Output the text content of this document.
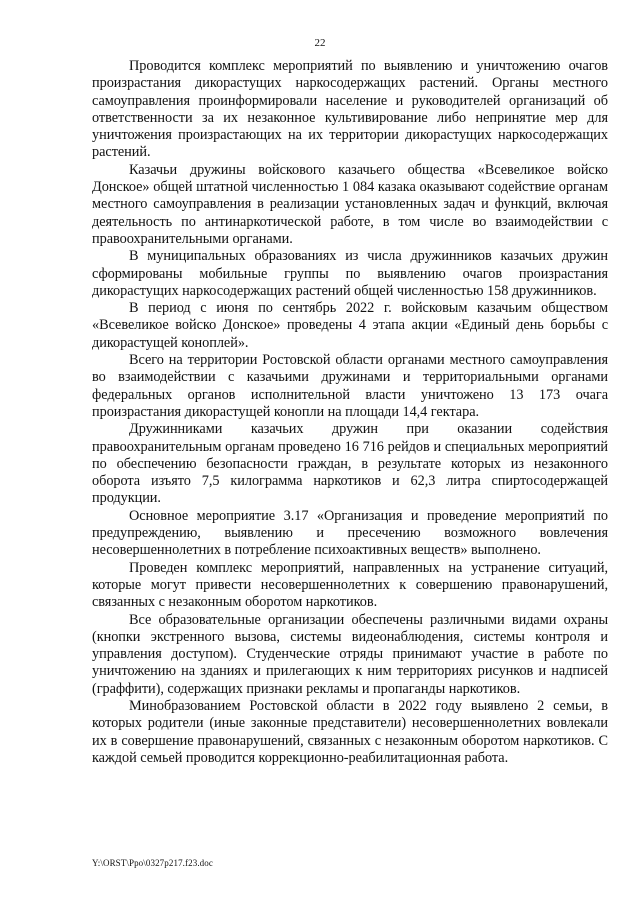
22

Проводится комплекс мероприятий по выявлению и уничтожению очагов произрастания дикорастущих наркосодержащих растений. Органы местного самоуправления проинформировали население и руководителей организаций об ответственности за их незаконное культивирование либо непринятие мер для уничтожения произрастающих на их территории дикорастущих наркосодержащих растений.

Казачьи дружины войскового казачьего общества «Всевеликое войско Донское» общей штатной численностью 1 084 казака оказывают содействие органам местного самоуправления в реализации установленных задач и функций, включая деятельность по антинаркотической работе, в том числе во взаимодействии с правоохранительными органами.

В муниципальных образованиях из числа дружинников казачьих дружин сформированы мобильные группы по выявлению очагов произрастания дикорастущих наркосодержащих растений общей численностью 158 дружинников.

В период с июня по сентябрь 2022 г. войсковым казачьим обществом «Всевеликое войско Донское» проведены 4 этапа акции «Единый день борьбы с дикорастущей коноплей».

Всего на территории Ростовской области органами местного самоуправления во взаимодействии с казачьими дружинами и территориальными органами федеральных органов исполнительной власти уничтожено 13 173 очага произрастания дикорастущей конопли на площади 14,4 гектара.

Дружинниками казачьих дружин при оказании содействия правоохранительным органам проведено 16 716 рейдов и специальных мероприятий по обеспечению безопасности граждан, в результате которых из незаконного оборота изъято 7,5 килограмма наркотиков и 62,3 литра спиртосодержащей продукции.

Основное мероприятие 3.17 «Организация и проведение мероприятий по предупреждению, выявлению и пресечению возможного вовлечения несовершеннолетних в потребление психоактивных веществ» выполнено.

Проведен комплекс мероприятий, направленных на устранение ситуаций, которые могут привести несовершеннолетних к совершению правонарушений, связанных с незаконным оборотом наркотиков.

Все образовательные организации обеспечены различными видами охраны (кнопки экстренного вызова, системы видеонаблюдения, системы контроля и управления доступом). Студенческие отряды принимают участие в работе по уничтожению на зданиях и прилегающих к ним территориях рисунков и надписей (граффити), содержащих признаки рекламы и пропаганды наркотиков.

Минобразованием Ростовской области в 2022 году выявлено 2 семьи, в которых родители (иные законные представители) несовершеннолетних вовлекали их в совершение правонарушений, связанных с незаконным оборотом наркотиков. С каждой семьей проводится коррекционно-реабилитационная работа.

Y:\ORST\Ppo\0327p217.f23.doc
